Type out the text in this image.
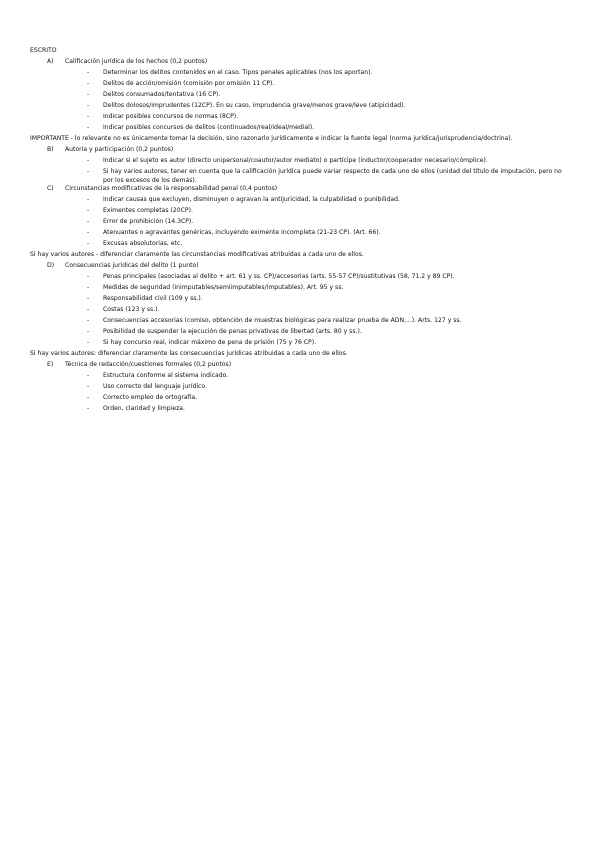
ESCRITO
A)	Calificación jurídica de los hechos (0,2 puntos)
-	Determinar los delitos contenidos en el caso. Tipos penales aplicables (nos los aportan).
-	Delitos de acción/omisión (comisión por omisión 11 CP).
-	Delitos consumados/tentativa (16 CP).
-	Delitos dolosos/imprudentes (12CP). En su caso, imprudencia grave/menos grave/leve (atipicidad).
-	Indicar posibles concursos de normas (8CP).
-	Indicar posibles concursos de delitos (continuados/real/ideal/medial).
IMPORTANTE - lo relevante no es únicamente tomar la decisión, sino razonarlo jurídicamente e indicar la fuente legal (norma jurídica/jurisprudencia/doctrina).
B)	Autoría y participación (0,2 puntos)
-	Indicar si el sujeto es autor (directo unipersonal/coautor/autor mediato) o partícipe (inductor/cooperador necesario/cómplice).
-	Si hay varios autores, tener en cuenta que la calificación jurídica puede variar respecto de cada uno de ellos (unidad del título de imputación, pero no por los excesos de los demás).
C)	Circunstancias modificativas de la responsabilidad penal (0,4 puntos)
-	Indicar causas que excluyen, disminuyen o agravan la antijuricidad, la culpabilidad o punibilidad.
-	Eximentes completas (20CP).
-	Error de prohibición (14.3CP).
-	Atenuantes o agravantes genéricas, incluyendo eximente incompleta (21-23 CP). (Art. 66).
-	Excusas absolutorias, etc.
Si hay varios autores - diferenciar claramente las circunstancias modificativas atribuidas a cada uno de ellos.
D)	Consecuencias jurídicas del delito (1 punto)
-	Penas principales (asociadas al delito + art. 61 y ss. CP)/accesorias (arts. 55-57 CP)/sustitutivas (58, 71.2 y 89 CP).
-	Medidas de seguridad (inimputables/semiimputables/imputables). Art. 95 y ss.
-	Responsabilidad civil (109 y ss.).
-	Costas (123 y ss.).
-	Consecuencias accesorias (comiso, obtención de muestras biológicas para realizar prueba de ADN,...). Arts. 127 y ss.
-	Posibilidad de suspender la ejecución de penas privativas de libertad (arts. 80 y ss.).
-	Si hay concurso real, indicar máximo de pena de prisión (75 y 76 CP).
Si hay varios autores: diferenciar claramente las consecuencias jurídicas atribuidas a cada uno de ellos.
E)	Técnica de redacción/cuestiones formales (0,2 puntos)
-	Estructura conforme al sistema indicado.
-	Uso correcto del lenguaje jurídico.
-	Correcto empleo de ortografía.
-	Orden, claridad y limpieza.
